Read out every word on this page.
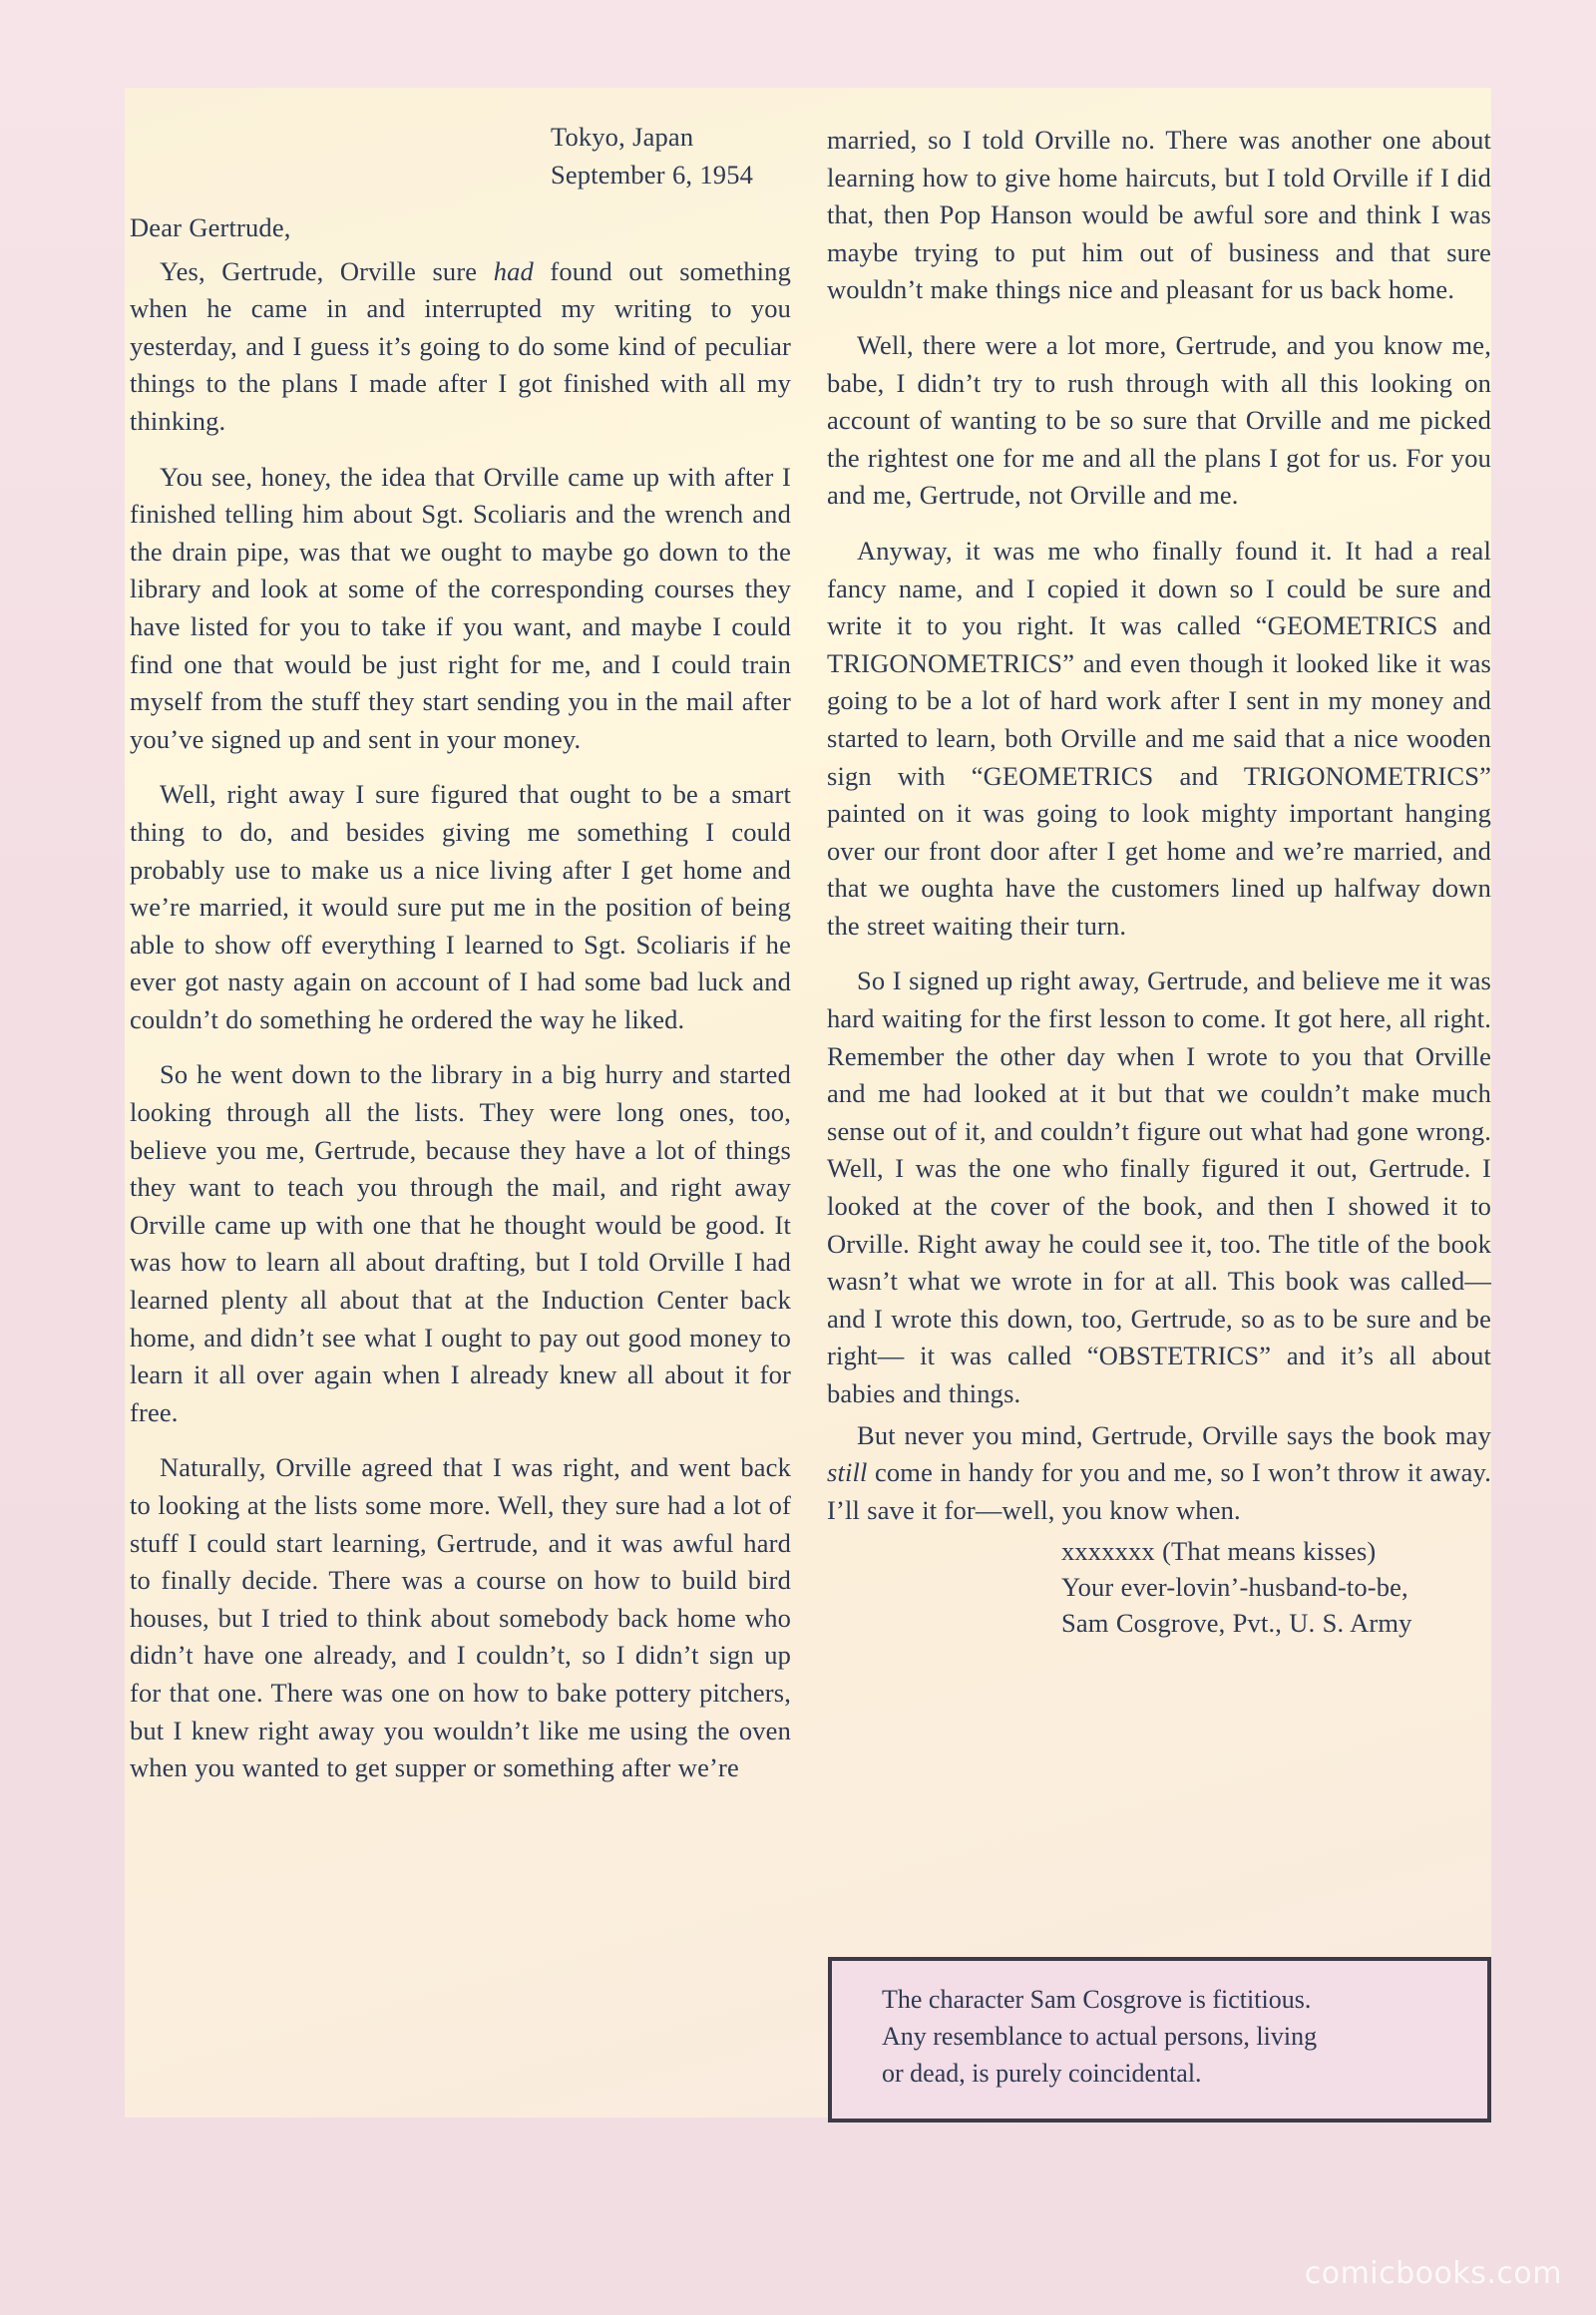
Tokyo, Japan
September 6, 1954
Dear Gertrude,

Yes, Gertrude, Orville sure had found out something when he came in and interrupted my writing to you yesterday, and I guess it’s going to do some kind of peculiar things to the plans I made after I got finished with all my thinking.

You see, honey, the idea that Orville came up with after I finished telling him about Sgt. Scoliaris and the wrench and the drain pipe, was that we ought to maybe go down to the library and look at some of the corresponding courses they have listed for you to take if you want, and maybe I could find one that would be just right for me, and I could train myself from the stuff they start sending you in the mail after you’ve signed up and sent in your money.

Well, right away I sure figured that ought to be a smart thing to do, and besides giving me something I could probably use to make us a nice living after I get home and we’re married, it would sure put me in the position of being able to show off everything I learned to Sgt. Scoliaris if he ever got nasty again on account of I had some bad luck and couldn’t do something he ordered the way he liked.

So he went down to the library in a big hurry and started looking through all the lists. They were long ones, too, believe you me, Gertrude, because they have a lot of things they want to teach you through the mail, and right away Orville came up with one that he thought would be good. It was how to learn all about drafting, but I told Orville I had learned plenty all about that at the Induction Center back home, and didn’t see what I ought to pay out good money to learn it all over again when I already knew all about it for free.

Naturally, Orville agreed that I was right, and went back to looking at the lists some more. Well, they sure had a lot of stuff I could start learning, Gertrude, and it was awful hard to finally decide. There was a course on how to build bird houses, but I tried to think about somebody back home who didn’t have one already, and I couldn’t, so I didn’t sign up for that one. There was one on how to bake pottery pitchers, but I knew right away you wouldn’t like me using the oven when you wanted to get supper or something after we’re

married, so I told Orville no. There was another one about learning how to give home haircuts, but I told Orville if I did that, then Pop Hanson would be awful sore and think I was maybe trying to put him out of business and that sure wouldn’t make things nice and pleasant for us back home.

Well, there were a lot more, Gertrude, and you know me, babe, I didn’t try to rush through with all this looking on account of wanting to be so sure that Orville and me picked the rightest one for me and all the plans I got for us. For you and me, Gertrude, not Orville and me.

Anyway, it was me who finally found it. It had a real fancy name, and I copied it down so I could be sure and write it to you right. It was called “GEOMETRICS and TRIGONOMETRICS” and even though it looked like it was going to be a lot of hard work after I sent in my money and started to learn, both Orville and me said that a nice wooden sign with “GEOMETRICS and TRIGONOMETRICS” painted on it was going to look mighty important hanging over our front door after I get home and we’re married, and that we oughta have the customers lined up halfway down the street waiting their turn.

So I signed up right away, Gertrude, and believe me it was hard waiting for the first lesson to come. It got here, all right. Remember the other day when I wrote to you that Orville and me had looked at it but that we couldn’t make much sense out of it, and couldn’t figure out what had gone wrong. Well, I was the one who finally figured it out, Gertrude. I looked at the cover of the book, and then I showed it to Orville. Right away he could see it, too. The title of the book wasn’t what we wrote in for at all. This book was called—and I wrote this down, too, Gertrude, so as to be sure and be right— it was called “OBSTETRICS” and it’s all about babies and things.

But never you mind, Gertrude, Orville says the book may still come in handy for you and me, so I won’t throw it away. I’ll save it for—well, you know when.

xxxxxxx (That means kisses)
Your ever-lovin’-husband-to-be,
Sam Cosgrove, Pvt., U. S. Army
The character Sam Cosgrove is fictitious.
Any resemblance to actual persons, living
or dead, is purely coincidental.
comicbooks.com
